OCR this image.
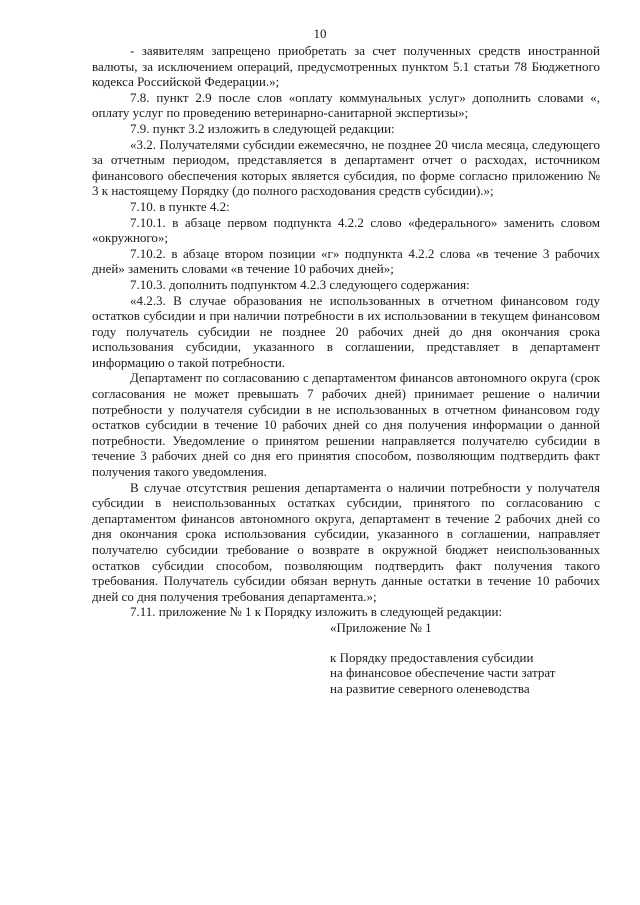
10

- заявителям запрещено приобретать за счет полученных средств иностранной валюты, за исключением операций, предусмотренных пунктом 5.1 статьи 78 Бюджетного кодекса Российской Федерации.»;

7.8. пункт 2.9 после слов «оплату коммунальных услуг» дополнить словами «, оплату услуг по проведению ветеринарно-санитарной экспертизы»;

7.9. пункт 3.2 изложить в следующей редакции:

«3.2. Получателями субсидии ежемесячно, не позднее 20 числа месяца, следующего за отчетным периодом, представляется в департамент отчет о расходах, источником финансового обеспечения которых является субсидия, по форме согласно приложению № 3 к настоящему Порядку (до полного расходования средств субсидии).»;

7.10. в пункте 4.2:

7.10.1. в абзаце первом подпункта 4.2.2 слово «федерального» заменить словом «окружного»;

7.10.2. в абзаце втором позиции «г» подпункта 4.2.2 слова «в течение 3 рабочих дней» заменить словами «в течение 10 рабочих дней»;

7.10.3. дополнить подпунктом 4.2.3 следующего содержания:

«4.2.3. В случае образования не использованных в отчетном финансовом году остатков субсидии и при наличии потребности в их использовании в текущем финансовом году получатель субсидии не позднее 20 рабочих дней до дня окончания срока использования субсидии, указанного в соглашении, представляет в департамент информацию о такой потребности.

Департамент по согласованию с департаментом финансов автономного округа (срок согласования не может превышать 7 рабочих дней) принимает решение о наличии потребности у получателя субсидии в не использованных в отчетном финансовом году остатков субсидии в течение 10 рабочих дней со дня получения информации о данной потребности. Уведомление о принятом решении направляется получателю субсидии в течение 3 рабочих дней со дня его принятия способом, позволяющим подтвердить факт получения такого уведомления.

В случае отсутствия решения департамента о наличии потребности у получателя субсидии в неиспользованных остатках субсидии, принятого по согласованию с департаментом финансов автономного округа, департамент в течение 2 рабочих дней со дня окончания срока использования субсидии, указанного в соглашении, направляет получателю субсидии требование о возврате в окружной бюджет неиспользованных остатков субсидии способом, позволяющим подтвердить факт получения такого требования. Получатель субсидии обязан вернуть данные остатки в течение 10 рабочих дней со дня получения требования департамента.»;

7.11. приложение № 1 к Порядку изложить в следующей редакции:

«Приложение № 1

к Порядку предоставления субсидии
на финансовое обеспечение части затрат
на развитие северного оленеводства
